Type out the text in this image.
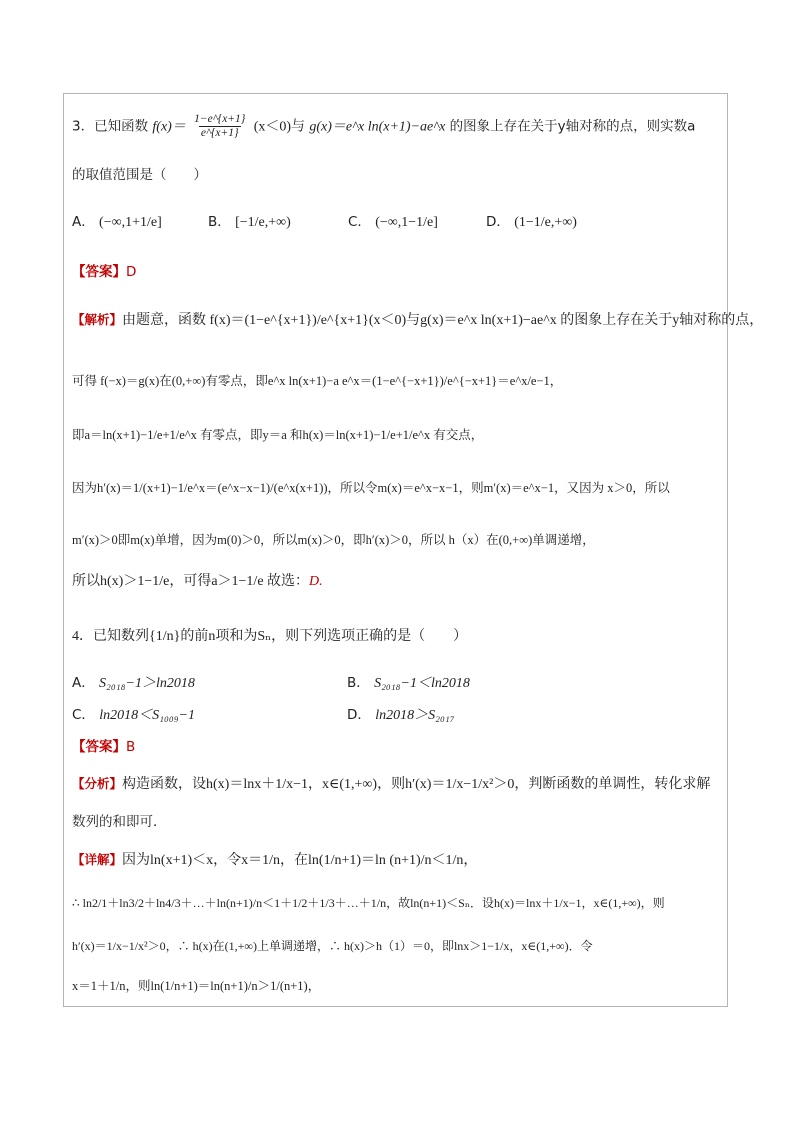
3．已知函数 $f(x)= \frac{1-e\^{}\{x+1\}}{e\^{}\{x+1\}} (x<0)$与 g(x)＝e^x ln(x+1)−ae^x 的图象上存在关于y轴对称的点，则实数a
的取值范围是（　　）
A． (−∞,1+1/e]	B． [−1/e,+∞)	C． (−∞,1−1/e]	D． (1−1/e,+∞)
【答案】D
【解析】由题意，函数 f(x)＝(1−e^{x+1})/e^{x+1}(x＜0)与g(x)＝e^x ln(x+1)−ae^x 的图象上存在关于y轴对称的点，
可得 f(−x)＝g(x)在(0,+∞)有零点，即e^x ln(x+1)−a e^x＝(1−e^{−x+1})/e^{−x+1}＝e^x/e−1，
即a＝ln(x+1)−1/e+1/e^x 有零点，即y＝a 和h(x)＝ln(x+1)−1/e+1/e^x 有交点，
因为h′(x)＝1/(x+1)−1/e^x＝(e^x−x−1)/(e^x(x+1))，所以令m(x)＝e^x−x−1，则m′(x)＝e^x−1，又因为 x＞0，所以
m′(x)＞0即m(x)单增，因为m(0)＞0，所以m(x)＞0，即h′(x)＞0，所以 h（x）在(0,+∞)单调递增，
所以h(x)＞1−1/e，可得a＞1−1/e 故选：D.
4．已知数列{1/n}的前n项和为Sₙ，则下列选项正确的是（　　）
A． S₂₀₁₈−1＞ln2018	B． S₂₀₁₈−1＜ln2018
C． ln2018＜S₁₀₀₉−1	D． ln2018＞S₂₀₁₇
【答案】B
【分析】构造函数，设h(x)＝lnx＋1/x−1，x∈(1,+∞)，则h′(x)＝1/x−1/x²＞0，判断函数的单调性，转化求解
数列的和即可．
【详解】因为ln(x+1)＜x，令x＝1/n，在ln(1/n+1)＝ln (n+1)/n＜1/n，
∴ ln2/1＋ln3/2＋ln4/3＋…＋ln(n+1)/n＜1＋1/2＋1/3＋…＋1/n，故ln(n+1)＜Sₙ．设h(x)＝lnx＋1/x−1，x∈(1,+∞)，则
h′(x)＝1/x−1/x²＞0，∴ h(x)在(1,+∞)上单调递增，∴ h(x)＞h（1）＝0，即lnx＞1−1/x，x∈(1,+∞)．令
x＝1＋1/n，则ln(1/n+1)＝ln(n+1)/n＞1/(n+1)，
